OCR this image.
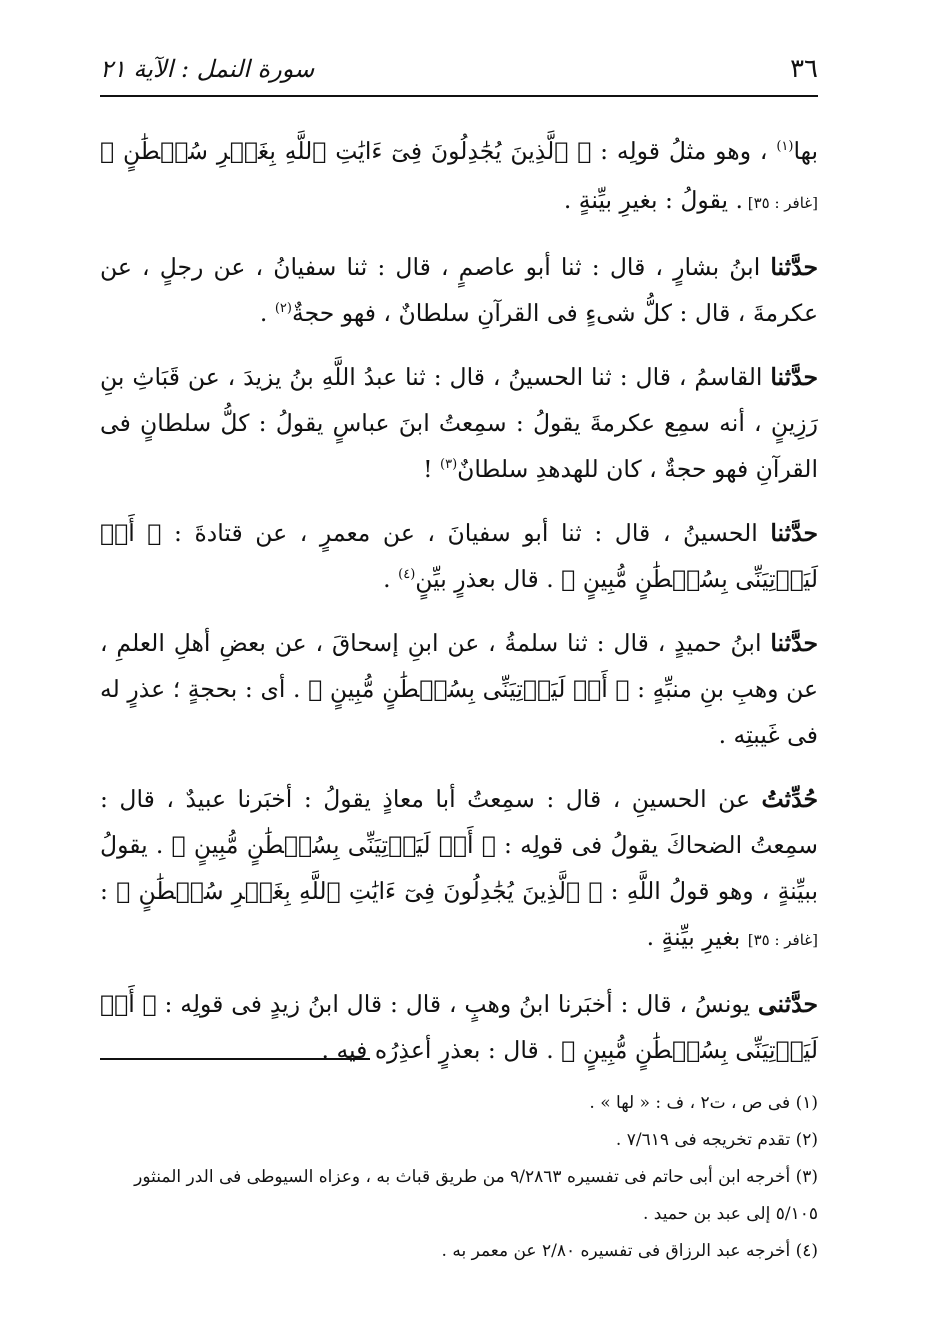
٣٦
سورة النمل : الآية ٢١

بها$^{(١)}$ ، وهو مثلُ قولِه : ﴿ ٱلَّذِينَ يُجَٰدِلُونَ فِىٓ ءَايَٰتِ ٱللَّهِ بِغَيۡرِ سُلۡطَٰنٍ ﴾ [غافر : ٣٥] . يقولُ : بغيرِ بيِّنةٍ .

حدَّثنا ابنُ بشارٍ ، قال : ثنا أبو عاصمٍ ، قال : ثنا سفيانُ ، عن رجلٍ ، عن عكرمةَ ، قال : كلُّ شىءٍ فى القرآنِ سلطانٌ ، فهو حجةٌ$^{(٢)}$ .

حدَّثنا القاسمُ ، قال : ثنا الحسينُ ، قال : ثنا عبدُ اللَّهِ بنُ يزيدَ ، عن قَبَاثِ بنِ رَزِينٍ ، أنه سمِع عكرمةَ يقولُ : سمِعتُ ابنَ عباسٍ يقولُ : كلُّ سلطانٍ فى القرآنِ فهو حجةٌ ، كان للهدهدِ سلطانٌ$^{(٣)}$ !

حدَّثنا الحسينُ ، قال : ثنا أبو سفيانَ ، عن معمرٍ ، عن قتادةَ : ﴿ أَوۡ لَيَأۡتِيَنِّى بِسُلۡطَٰنٍ مُّبِينٍ ﴾ . قال بعذرٍ بيِّنٍ$^{(٤)}$ .

حدَّثنا ابنُ حميدٍ ، قال : ثنا سلمةُ ، عن ابنِ إسحاقَ ، عن بعضِ أهلِ العلمِ ، عن وهبِ بنِ منبِّهٍ : ﴿ أَوۡ لَيَأۡتِيَنِّى بِسُلۡطَٰنٍ مُّبِينٍ ﴾ . أى : بحجةٍ ؛ عذرٍ له فى غَيبتِه .

حُدِّثتُ عن الحسينِ ، قال : سمِعتُ أبا معاذٍ يقولُ : أخبَرنا عبيدٌ ، قال : سمِعتُ الضحاكَ يقولُ فى قولِه : ﴿ أَوۡ لَيَأۡتِيَنِّى بِسُلۡطَٰنٍ مُّبِينٍ ﴾ . يقولُ ببيِّنةٍ ، وهو قولُ اللَّهِ : ﴿ ٱلَّذِينَ يُجَٰدِلُونَ فِىٓ ءَايَٰتِ ٱللَّهِ بِغَيۡرِ سُلۡطَٰنٍ ﴾ : [غافر : ٣٥] بغيرِ بيِّنةٍ .

حدَّثنى يونسُ ، قال : أخبَرنا ابنُ وهبٍ ، قال : قال ابنُ زيدٍ فى قولِه : ﴿ أَوۡ لَيَأۡتِيَنِّى بِسُلۡطَٰنٍ مُّبِينٍ ﴾ . قال : بعذرٍ أعذِرُه فيه .

(١) فى ص ، ت٢ ، ف : « لها » .

(٢) تقدم تخريجه فى ٧/٦١٩ .

(٣) أخرجه ابن أبى حاتم فى تفسيره ٩/٢٨٦٣ من طريق قباث به ، وعزاه السيوطى فى الدر المنثور ٥/١٠٥ إلى عبد بن حميد .

(٤) أخرجه عبد الرزاق فى تفسيره ٢/٨٠ عن معمر به .
